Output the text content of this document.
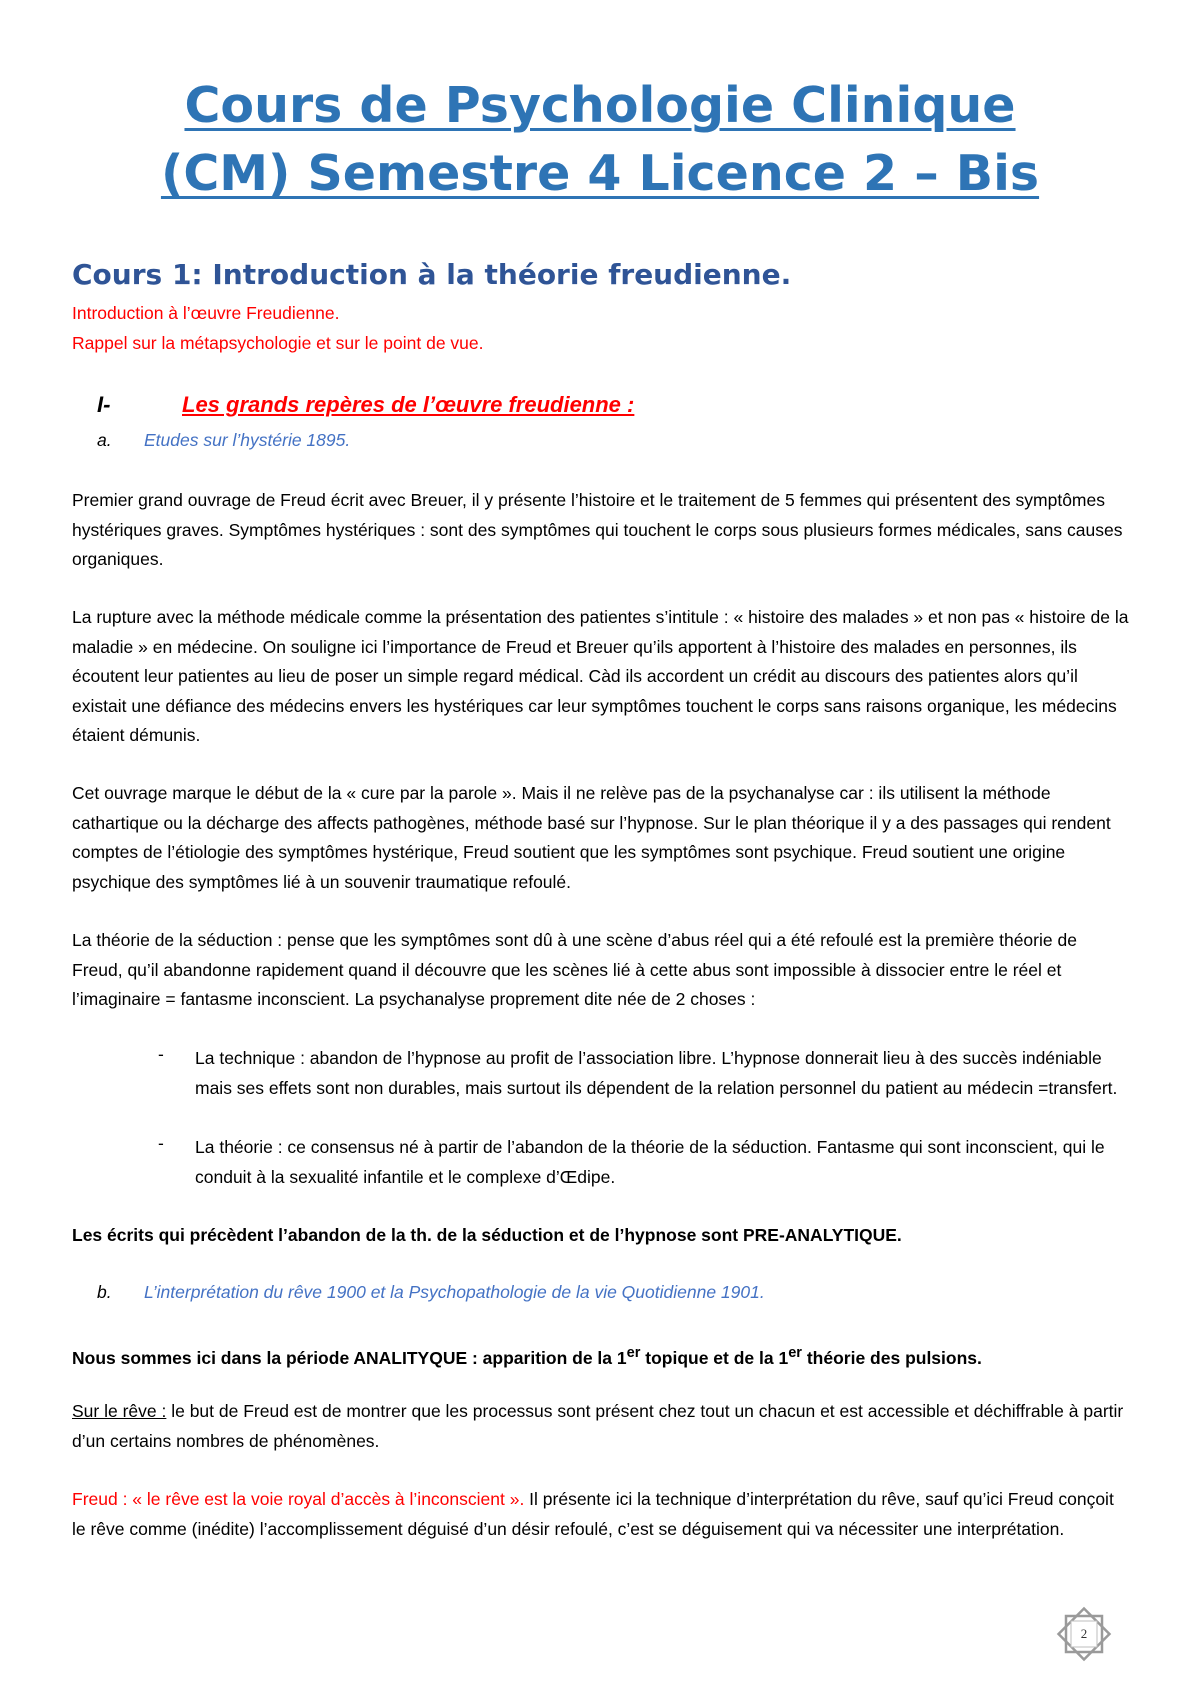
Cours de Psychologie Clinique
(CM) Semestre 4 Licence 2 – Bis
Cours 1: Introduction à la théorie freudienne.

Introduction à l’œuvre Freudienne.

Rappel sur la métapsychologie et sur le point de vue.

I-	Les grands repères de l’œuvre freudienne :

a. Etudes sur l’hystérie 1895.

Premier grand ouvrage de Freud écrit avec Breuer, il y présente l’histoire et le traitement de 5 femmes qui présentent des symptômes hystériques graves. Symptômes hystériques : sont des symptômes qui touchent le corps sous plusieurs formes médicales, sans causes organiques.

La rupture avec la méthode médicale comme la présentation des patientes s’intitule : « histoire des malades » et non pas « histoire de la maladie » en médecine. On souligne ici l’importance de Freud et Breuer qu’ils apportent à l’histoire des malades en personnes, ils écoutent leur patientes au lieu de poser un simple regard médical. Càd ils accordent un crédit au discours des patientes alors qu’il existait une défiance des médecins envers les hystériques car leur symptômes touchent le corps sans raisons organique, les médecins étaient démunis.

Cet ouvrage marque le début de la « cure par la parole ». Mais il ne relève pas de la psychanalyse car : ils utilisent la méthode cathartique ou la décharge des affects pathogènes, méthode basé sur l’hypnose. Sur le plan théorique il y a des passages qui rendent comptes de l’étiologie des symptômes hystérique, Freud soutient que les symptômes sont psychique. Freud soutient une origine psychique des symptômes lié à un souvenir traumatique refoulé.

La théorie de la séduction : pense que les symptômes sont dû à une scène d’abus réel qui a été refoulé est la première théorie de Freud, qu’il abandonne rapidement quand il découvre que les scènes lié à cette abus sont impossible à dissocier entre le réel et l’imaginaire = fantasme inconscient. La psychanalyse proprement dite née de 2 choses :

- La technique : abandon de l’hypnose au profit de l’association libre. L’hypnose donnerait lieu à des succès indéniable mais ses effets sont non durables, mais surtout ils dépendent de la relation personnel du patient au médecin =transfert.

- La théorie : ce consensus né à partir de l’abandon de la théorie de la séduction. Fantasme qui sont inconscient, qui le conduit à la sexualité infantile et le complexe d’Œdipe.

Les écrits qui précèdent l’abandon de la th. de la séduction et de l’hypnose sont PRE-ANALYTIQUE.

b. L’interprétation du rêve 1900 et la Psychopathologie de la vie Quotidienne 1901.

Nous sommes ici dans la période ANALITYQUE : apparition de la 1er topique et de la 1er théorie des pulsions.

Sur le rêve : le but de Freud est de montrer que les processus sont présent chez tout un chacun et est accessible et déchiffrable à partir d’un certains nombres de phénomènes.

Freud : « le rêve est la voie royal d’accès à l’inconscient ». Il présente ici la technique d’interprétation du rêve, sauf qu’ici Freud conçoit le rêve comme (inédite) l’accomplissement déguisé d’un désir refoulé, c’est se déguisement qui va nécessiter une interprétation.

2
